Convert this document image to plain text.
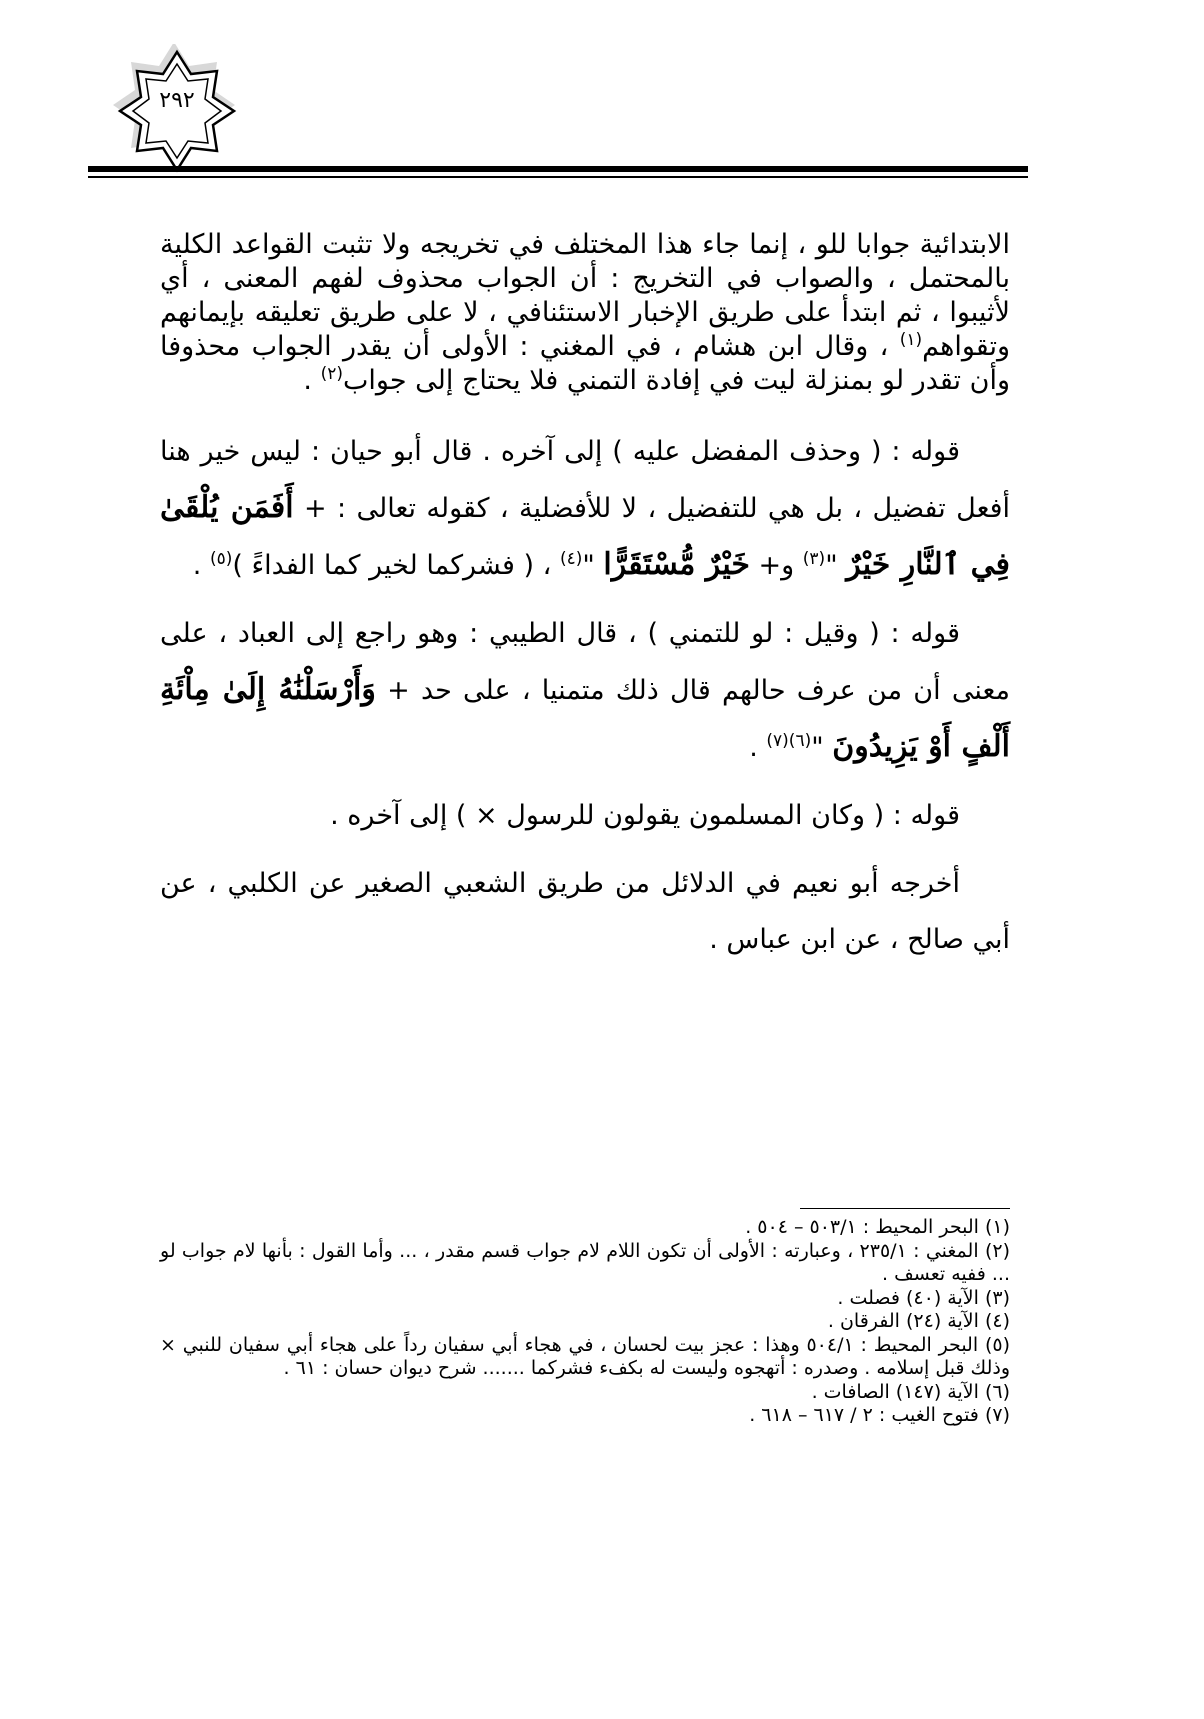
٢٩٢

الابتدائية جوابا للو ، إنما جاء هذا المختلف في تخريجه ولا تثبت القواعد الكلية بالمحتمل ، والصواب في التخريج : أن الجواب محذوف لفهم المعنى ، أي لأثيبوا ، ثم ابتدأ على طريق الإخبار الاستئنافي ، لا على طريق تعليقه بإيمانهم وتقواهم$^{(١)}$ ، وقال ابن هشام ، في المغني : الأولى أن يقدر الجواب محذوفا وأن تقدر لو بمنزلة ليت في إفادة التمني فلا يحتاج إلى جواب$^{(٢)}$ .

قوله : ( وحذف المفضل عليه ) إلى آخره . قال أبو حيان : ليس خير هنا أفعل تفضيل ، بل هي للتفضيل ، لا للأفضلية ، كقوله تعالى : + أَفَمَن يُلْقَىٰ فِي ٱلنَّارِ خَيْرٌ "$^{(٣)}$ و+ خَيْرٌ مُّسْتَقَرًّا "$^{(٤)}$ ، ( فشركما لخير كما الفداءً )$^{(٥)}$ .

قوله : ( وقيل : لو للتمني ) ، قال الطيبي : وهو راجع إلى العباد ، على معنى أن من عرف حالهم قال ذلك متمنيا ، على حد + وَأَرْسَلْنَٰهُ إِلَىٰ مِاْئَةِ أَلْفٍ أَوْ يَزِيدُونَ "$^{(٦)(٧)}$ .

قوله : ( وكان المسلمون يقولون للرسول × ) إلى آخره .

أخرجه أبو نعيم في الدلائل من طريق الشعبي الصغير عن الكلبي ، عن أبي صالح ، عن ابن عباس .

(١) البحر المحيط : ٥٠٣/١ – ٥٠٤ .

(٢) المغني : ٢٣٥/١ ، وعبارته : الأولى أن تكون اللام لام جواب قسم مقدر ، ... وأما القول : بأنها لام جواب لو ... ففيه تعسف .

(٣) الآية (٤٠) فصلت .

(٤) الآية (٢٤) الفرقان .

(٥) البحر المحيط : ٥٠٤/١ وهذا : عجز بيت لحسان ، في هجاء أبي سفيان رداً على هجاء أبي سفيان للنبي × وذلك قبل إسلامه . وصدره : أتهجوه وليست له بكفء فشركما ....... شرح ديوان حسان : ٦١ .

(٦) الآية (١٤٧) الصافات .

(٧) فتوح الغيب : ٢ / ٦١٧ – ٦١٨ .
